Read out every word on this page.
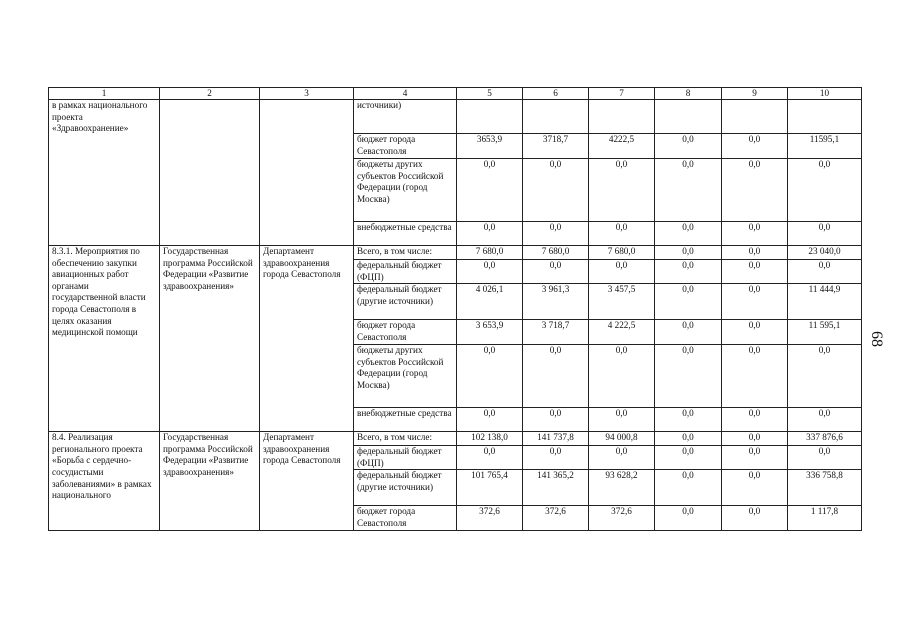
1	2	3	4	5	6	7	8	9	10
в рамках национального проекта «Здравоохранение»			источники)						
			бюджет города Севастополя	3653,9	3718,7	4222,5	0,0	0,0	11595,1
			бюджеты других субъектов Российской Федерации (город Москва)	0,0	0,0	0,0	0,0	0,0	0,0
			внебюджетные средства	0,0	0,0	0,0	0,0	0,0	0,0
8.3.1. Мероприятия по обеспечению закупки авиационных работ органами государственной власти города Севастополя в целях оказания медицинской помощи	Государственная программа Российской Федерации «Развитие здравоохранения»	Департамент здравоохранения города Севастополя	Всего, в том числе:	7 680,0	7 680,0	7 680,0	0,0	0,0	23 040,0
			федеральный бюджет (ФЦП)	0,0	0,0	0,0	0,0	0,0	0,0
			федеральный бюджет (другие источники)	4 026,1	3 961,3	3 457,5	0,0	0,0	11 444,9
			бюджет города Севастополя	3 653,9	3 718,7	4 222,5	0,0	0,0	11 595,1
			бюджеты других субъектов Российской Федерации (город Москва)	0,0	0,0	0,0	0,0	0,0	0,0
			внебюджетные средства	0,0	0,0	0,0	0,0	0,0	0,0
8.4. Реализация регионального проекта «Борьба с сердечно-сосудистыми заболеваниями» в рамках национального	Государственная программа Российской Федерации «Развитие здравоохранения»	Департамент здравоохранения города Севастополя	Всего, в том числе:	102 138,0	141 737,8	94 000,8	0,0	0,0	337 876,6
			федеральный бюджет (ФЦП)	0,0	0,0	0,0	0,0	0,0	0,0
			федеральный бюджет (другие источники)	101 765,4	141 365,2	93 628,2	0,0	0,0	336 758,8
			бюджет города Севастополя	372,6	372,6	372,6	0,0	0,0	1 117,8
68
